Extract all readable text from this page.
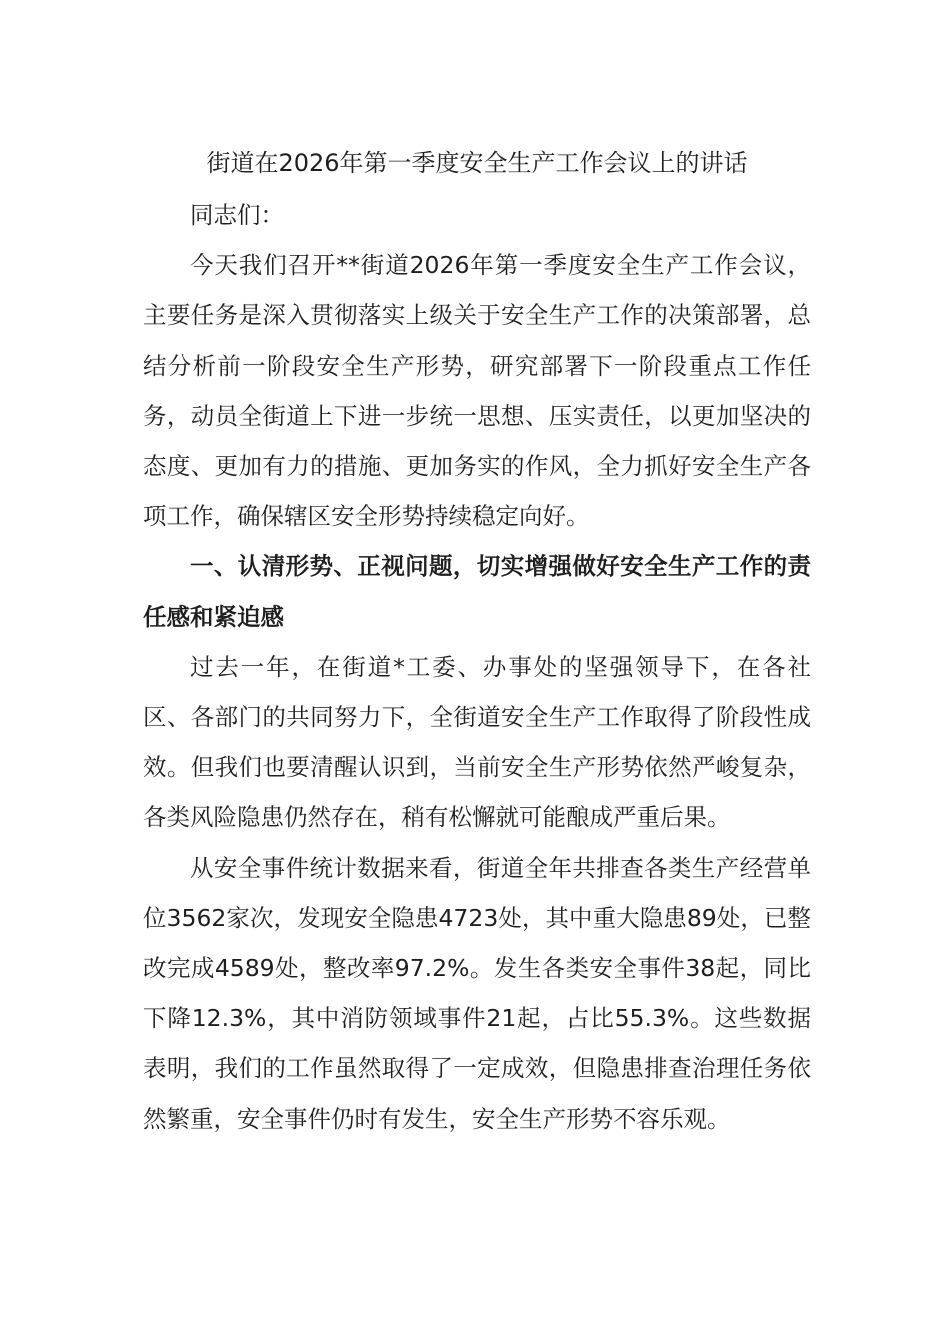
街道在2026年第一季度安全生产工作会议上的讲话

同志们：

今天我们召开**街道2026年第一季度安全生产工作会议，主要任务是深入贯彻落实上级关于安全生产工作的决策部署，总结分析前一阶段安全生产形势，研究部署下一阶段重点工作任务，动员全街道上下进一步统一思想、压实责任，以更加坚决的态度、更加有力的措施、更加务实的作风，全力抓好安全生产各项工作，确保辖区安全形势持续稳定向好。

一、认清形势、正视问题，切实增强做好安全生产工作的责任感和紧迫感

过去一年，在街道*工委、办事处的坚强领导下，在各社区、各部门的共同努力下，全街道安全生产工作取得了阶段性成效。但我们也要清醒认识到，当前安全生产形势依然严峻复杂，各类风险隐患仍然存在，稍有松懈就可能酿成严重后果。

从安全事件统计数据来看，街道全年共排查各类生产经营单位3562家次，发现安全隐患4723处，其中重大隐患89处，已整改完成4589处，整改率97.2%。发生各类安全事件38起，同比下降12.3%，其中消防领域事件21起，占比55.3%。这些数据表明，我们的工作虽然取得了一定成效，但隐患排查治理任务依然繁重，安全事件仍时有发生，安全生产形势不容乐观。
